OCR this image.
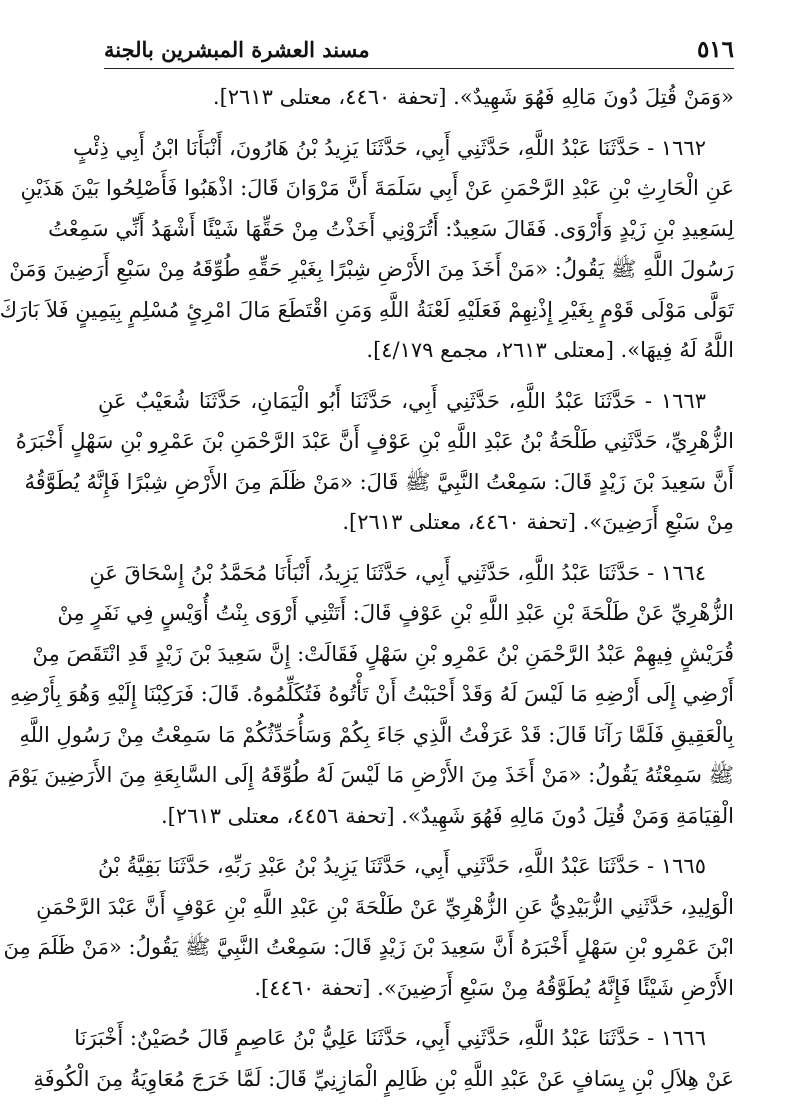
٥١٦
مسند العشرة المبشرين بالجنة
«وَمَنْ قُتِلَ دُونَ مَالِهِ فَهُوَ شَهِيدٌ». [تحفة ٤٤٦٠، معتلى ٢٦١٣].
١٦٦٢ - حَدَّثَنَا عَبْدُ اللَّهِ، حَدَّثَنِي أَبِي، حَدَّثَنَا يَزِيدُ بْنُ هَارُونَ، أَنْبَأَنَا ابْنُ أَبِي ذِئْبٍ
عَنِ الْحَارِثِ بْنِ عَبْدِ الرَّحْمَنِ عَنْ أَبِي سَلَمَةَ أَنَّ مَرْوَانَ قَالَ: اذْهَبُوا فَأَصْلِحُوا بَيْنَ هَذَيْنِ
لِسَعِيدِ بْنِ زَيْدٍ وَأَرْوَى. فَقَالَ سَعِيدٌ: أَتُرَوْنِي أَخَذْتُ مِنْ حَقِّهَا شَيْئًا أَشْهَدُ أَنِّي سَمِعْتُ
رَسُولَ اللَّهِ ﷺ يَقُولُ: «مَنْ أَخَذَ مِنَ الأَرْضِ شِبْرًا بِغَيْرِ حَقِّهِ طُوِّقَهُ مِنْ سَبْعِ أَرَضِينَ وَمَنْ
تَوَلَّى مَوْلَى قَوْمٍ بِغَيْرِ إِذْنِهِمْ فَعَلَيْهِ لَعْنَةُ اللَّهِ وَمَنِ اقْتَطَعَ مَالَ امْرِئٍ مُسْلِمٍ بِيَمِينٍ فَلاَ بَارَكَ
اللَّهُ لَهُ فِيهَا». [معتلى ٢٦١٣، مجمع ٤/١٧٩].
١٦٦٣ - حَدَّثَنَا عَبْدُ اللَّهِ، حَدَّثَنِي أَبِي، حَدَّثَنَا أَبُو الْيَمَانِ، حَدَّثَنَا شُعَيْبٌ عَنِ
الزُّهْرِيِّ، حَدَّثَنِي طَلْحَةُ بْنُ عَبْدِ اللَّهِ بْنِ عَوْفٍ أَنَّ عَبْدَ الرَّحْمَنِ بْنَ عَمْرِو بْنِ سَهْلٍ أَخْبَرَهُ
أَنَّ سَعِيدَ بْنَ زَيْدٍ قَالَ: سَمِعْتُ النَّبِيَّ ﷺ قَالَ: «مَنْ ظَلَمَ مِنَ الأَرْضِ شِبْرًا فَإِنَّهُ يُطَوَّقُهُ
مِنْ سَبْعِ أَرَضِينَ». [تحفة ٤٤٦٠، معتلى ٢٦١٣].
١٦٦٤ - حَدَّثَنَا عَبْدُ اللَّهِ، حَدَّثَنِي أَبِي، حَدَّثَنَا يَزِيدُ، أَنْبَأَنَا مُحَمَّدُ بْنُ إِسْحَاقَ عَنِ
الزُّهْرِيِّ عَنْ طَلْحَةَ بْنِ عَبْدِ اللَّهِ بْنِ عَوْفٍ قَالَ: أَتَتْنِي أَرْوَى بِنْتُ أُوَيْسٍ فِي نَفَرٍ مِنْ
قُرَيْشٍ فِيهِمْ عَبْدُ الرَّحْمَنِ بْنُ عَمْرِو بْنِ سَهْلٍ فَقَالَتْ: إِنَّ سَعِيدَ بْنَ زَيْدٍ قَدِ انْتَقَصَ مِنْ
أَرْضِي إِلَى أَرْضِهِ مَا لَيْسَ لَهُ وَقَدْ أَحْبَبْتُ أَنْ تَأْتُوهُ فَتُكَلِّمُوهُ. قَالَ: فَرَكِبْنَا إِلَيْهِ وَهُوَ بِأَرْضِهِ
بِالْعَقِيقِ فَلَمَّا رَآنَا قَالَ: قَدْ عَرَفْتُ الَّذِي جَاءَ بِكُمْ وَسَأُحَدِّثُكُمْ مَا سَمِعْتُ مِنْ رَسُولِ اللَّهِ
ﷺ سَمِعْتُهُ يَقُولُ: «مَنْ أَخَذَ مِنَ الأَرْضِ مَا لَيْسَ لَهُ طُوِّقَهُ إِلَى السَّابِعَةِ مِنَ الأَرَضِينَ يَوْمَ
الْقِيَامَةِ وَمَنْ قُتِلَ دُونَ مَالِهِ فَهُوَ شَهِيدٌ». [تحفة ٤٤٥٦، معتلى ٢٦١٣].
١٦٦٥ - حَدَّثَنَا عَبْدُ اللَّهِ، حَدَّثَنِي أَبِي، حَدَّثَنَا يَزِيدُ بْنُ عَبْدِ رَبِّهِ، حَدَّثَنَا بَقِيَّةُ بْنُ
الْوَلِيدِ، حَدَّثَنِي الزُّبَيْدِيُّ عَنِ الزُّهْرِيِّ عَنْ طَلْحَةَ بْنِ عَبْدِ اللَّهِ بْنِ عَوْفٍ أَنَّ عَبْدَ الرَّحْمَنِ
ابْنَ عَمْرِو بْنِ سَهْلٍ أَخْبَرَهُ أَنَّ سَعِيدَ بْنَ زَيْدٍ قَالَ: سَمِعْتُ النَّبِيَّ ﷺ يَقُولُ: «مَنْ ظَلَمَ مِنَ
الأَرْضِ شَيْئًا فَإِنَّهُ يُطَوَّقُهُ مِنْ سَبْعِ أَرَضِينَ». [تحفة ٤٤٦٠].
١٦٦٦ - حَدَّثَنَا عَبْدُ اللَّهِ، حَدَّثَنِي أَبِي، حَدَّثَنَا عَلِيُّ بْنُ عَاصِمٍ قَالَ حُصَيْنٌ: أَخْبَرَنَا
عَنْ هِلاَلِ بْنِ يِسَافٍ عَنْ عَبْدِ اللَّهِ بْنِ ظَالِمٍ الْمَازِنِيِّ قَالَ: لَمَّا خَرَجَ مُعَاوِيَةُ مِنَ الْكُوفَةِ
